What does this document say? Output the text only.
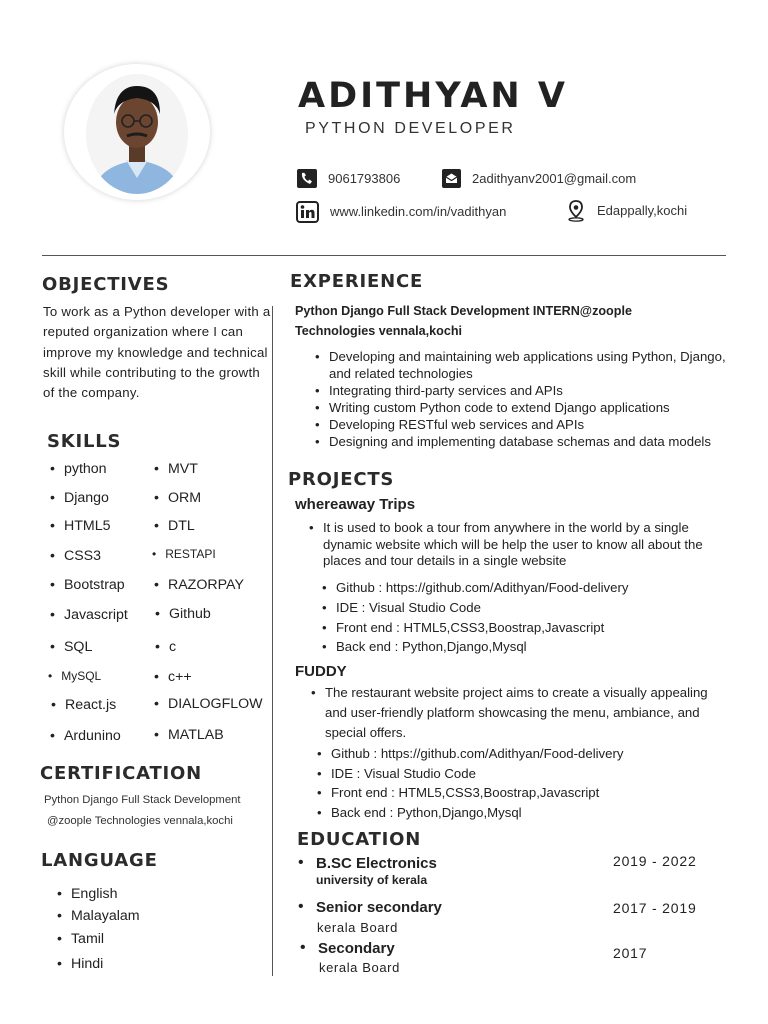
ADITHYAN V
PYTHON DEVELOPER
9061793806	2adithyanv2001@gmail.com
www.linkedin.com/in/vadithyan	Edappally,kochi
OBJECTIVES
To work as a Python developer with a reputed organization where I can improve my knowledge and technical skill while contributing to the growth of the company.
SKILLS
• python
• Django
• HTML5
• CSS3
• Bootstrap
• Javascript
• SQL
• MySQL
• React.js
• Ardunino
• MVT
• ORM
• DTL
• RESTAPI
• RAZORPAY
• Github
• c
• c++
• DIALOGFLOW
• MATLAB
CERTIFICATION
Python Django Full Stack Development
@zoople Technologies vennala,kochi
LANGUAGE
• English
• Malayalam
• Tamil
• Hindi
EXPERIENCE
Python Django Full Stack Development INTERN@zoople
Technologies vennala,kochi
• Developing and maintaining web applications using Python, Django, and related technologies
• Integrating third-party services and APIs
• Writing custom Python code to extend Django applications
• Developing RESTful web services and APIs
• Designing and implementing database schemas and data models
PROJECTS
whereaway Trips
• It is used to book a tour from anywhere in the world by a single dynamic website which will be help the user to know all about the places and tour details in a single website
• Github : https://github.com/Adithyan/Food-delivery
• IDE : Visual Studio Code
• Front end : HTML5,CSS3,Boostrap,Javascript
• Back end : Python,Django,Mysql
FUDDY
• The restaurant website project aims to create a visually appealing and user-friendly platform showcasing the menu, ambiance, and special offers.
• Github : https://github.com/Adithyan/Food-delivery
• IDE : Visual Studio Code
• Front end : HTML5,CSS3,Boostrap,Javascript
• Back end : Python,Django,Mysql
EDUCATION
• B.SC Electronics
university of kerala
2019 - 2022
• Senior secondary
kerala Board
2017 - 2019
• Secondary
kerala Board
2017
